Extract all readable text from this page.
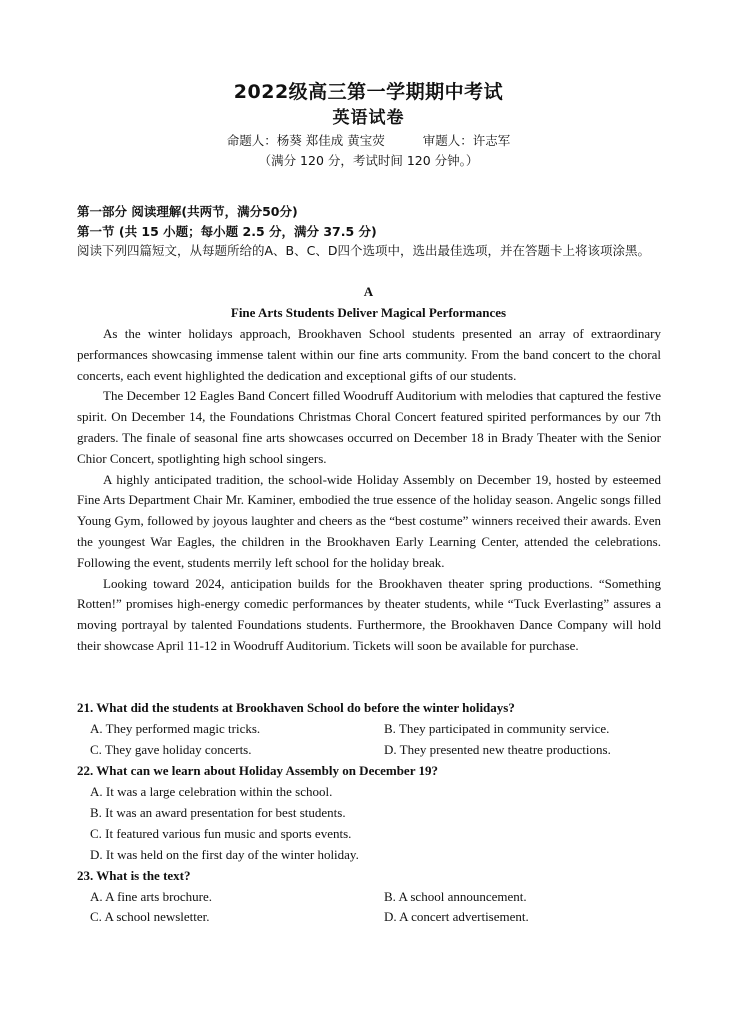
2022级高三第一学期期中考试
英语试卷
命题人：杨葵 郑佳成 黄宝荧	审题人：许志军
（满分 120 分，考试时间 120 分钟。）
第一部分 阅读理解(共两节，满分50分)
第一节 (共 15 小题；每小题 2.5 分，满分 37.5 分)
阅读下列四篇短文，从每题所给的A、B、C、D四个选项中，选出最佳选项，并在答题卡上将该项涂黑。
A
Fine Arts Students Deliver Magical Performances

As the winter holidays approach, Brookhaven School students presented an array of extraordinary performances showcasing immense talent within our fine arts community. From the band concert to the choral concerts, each event highlighted the dedication and exceptional gifts of our students.

The December 12 Eagles Band Concert filled Woodruff Auditorium with melodies that captured the festive spirit. On December 14, the Foundations Christmas Choral Concert featured spirited performances by our 7th graders. The finale of seasonal fine arts showcases occurred on December 18 in Brady Theater with the Senior Chior Concert, spotlighting high school singers.

A highly anticipated tradition, the school-wide Holiday Assembly on December 19, hosted by esteemed Fine Arts Department Chair Mr. Kaminer, embodied the true essence of the holiday season. Angelic songs filled Young Gym, followed by joyous laughter and cheers as the “best costume” winners received their awards. Even the youngest War Eagles, the children in the Brookhaven Early Learning Center, attended the celebrations. Following the event, students merrily left school for the holiday break.

Looking toward 2024, anticipation builds for the Brookhaven theater spring productions. “Something Rotten!” promises high-energy comedic performances by theater students, while “Tuck Everlasting” assures a moving portrayal by talented Foundations students. Furthermore, the Brookhaven Dance Company will hold their showcase April 11-12 in Woodruff Auditorium. Tickets will soon be available for purchase.

21. What did the students at Brookhaven School do before the winter holidays?
A. They performed magic tricks.	B. They participated in community service.
C. They gave holiday concerts.	D. They presented new theatre productions.
22. What can we learn about Holiday Assembly on December 19?
A. It was a large celebration within the school.
B. It was an award presentation for best students.
C. It featured various fun music and sports events.
D. It was held on the first day of the winter holiday.
23. What is the text?
A. A fine arts brochure.	B. A school announcement.
C. A school newsletter.	D. A concert advertisement.
